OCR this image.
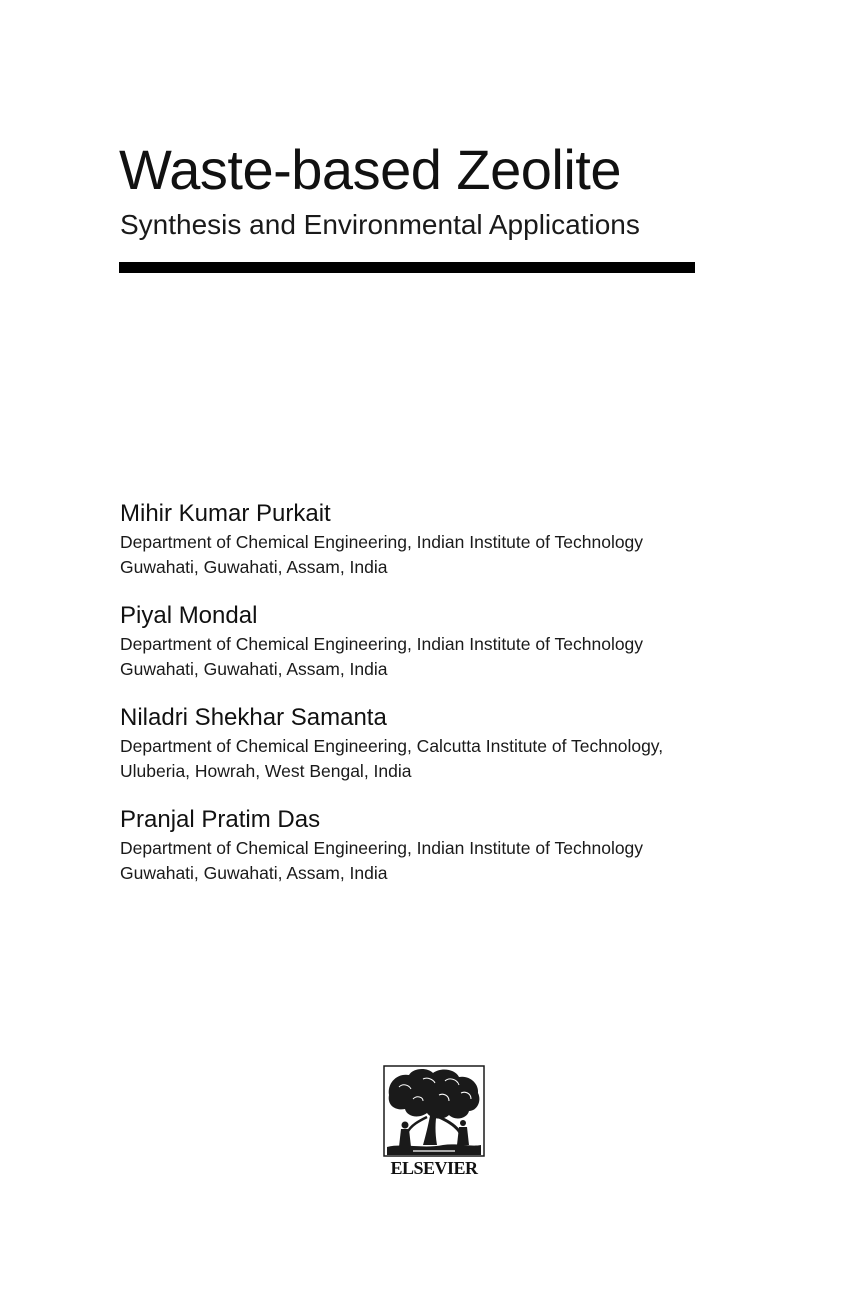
Waste-based Zeolite
Synthesis and Environmental Applications
Mihir Kumar Purkait
Department of Chemical Engineering, Indian Institute of Technology
Guwahati, Guwahati, Assam, India
Piyal Mondal
Department of Chemical Engineering, Indian Institute of Technology
Guwahati, Guwahati, Assam, India
Niladri Shekhar Samanta
Department of Chemical Engineering, Calcutta Institute of Technology,
Uluberia, Howrah, West Bengal, India
Pranjal Pratim Das
Department of Chemical Engineering, Indian Institute of Technology
Guwahati, Guwahati, Assam, India
ELSEVIER
